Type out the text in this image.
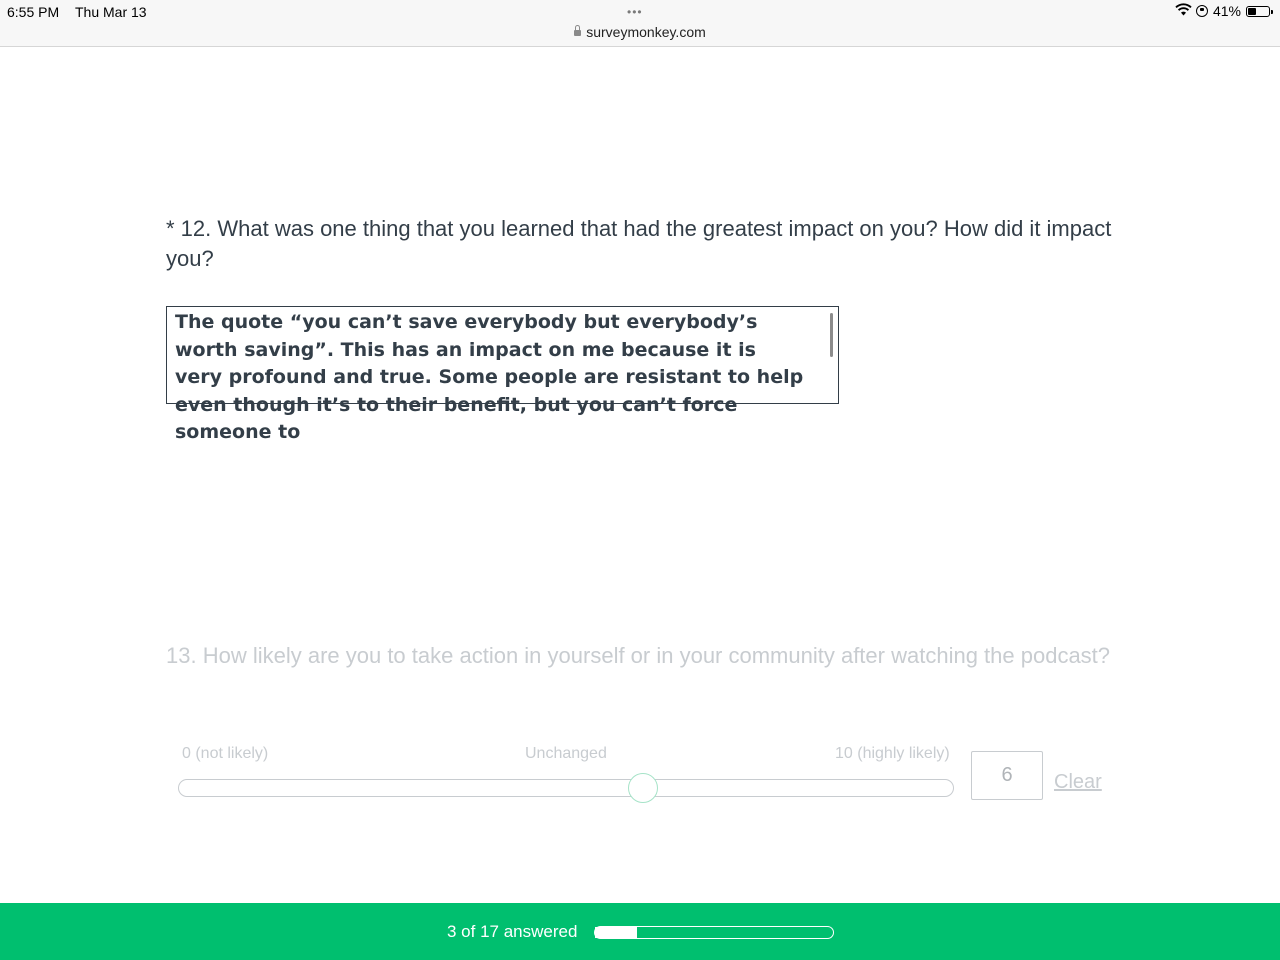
6:55 PM Thu Mar 13	•••
surveymonkey.com
41%
* 12. What was one thing that you learned that had the greatest impact on you? How did it impact you?
The quote “you can’t save everybody but everybody’s worth saving”. This has an impact on me because it is very profound and true. Some people are resistant to help even though it’s to their benefit, but you can’t force someone to
13. How likely are you to take action in yourself or in your community after watching the podcast?
0 (not likely)	Unchanged	10 (highly likely)
6	Clear
3 of 17 answered
